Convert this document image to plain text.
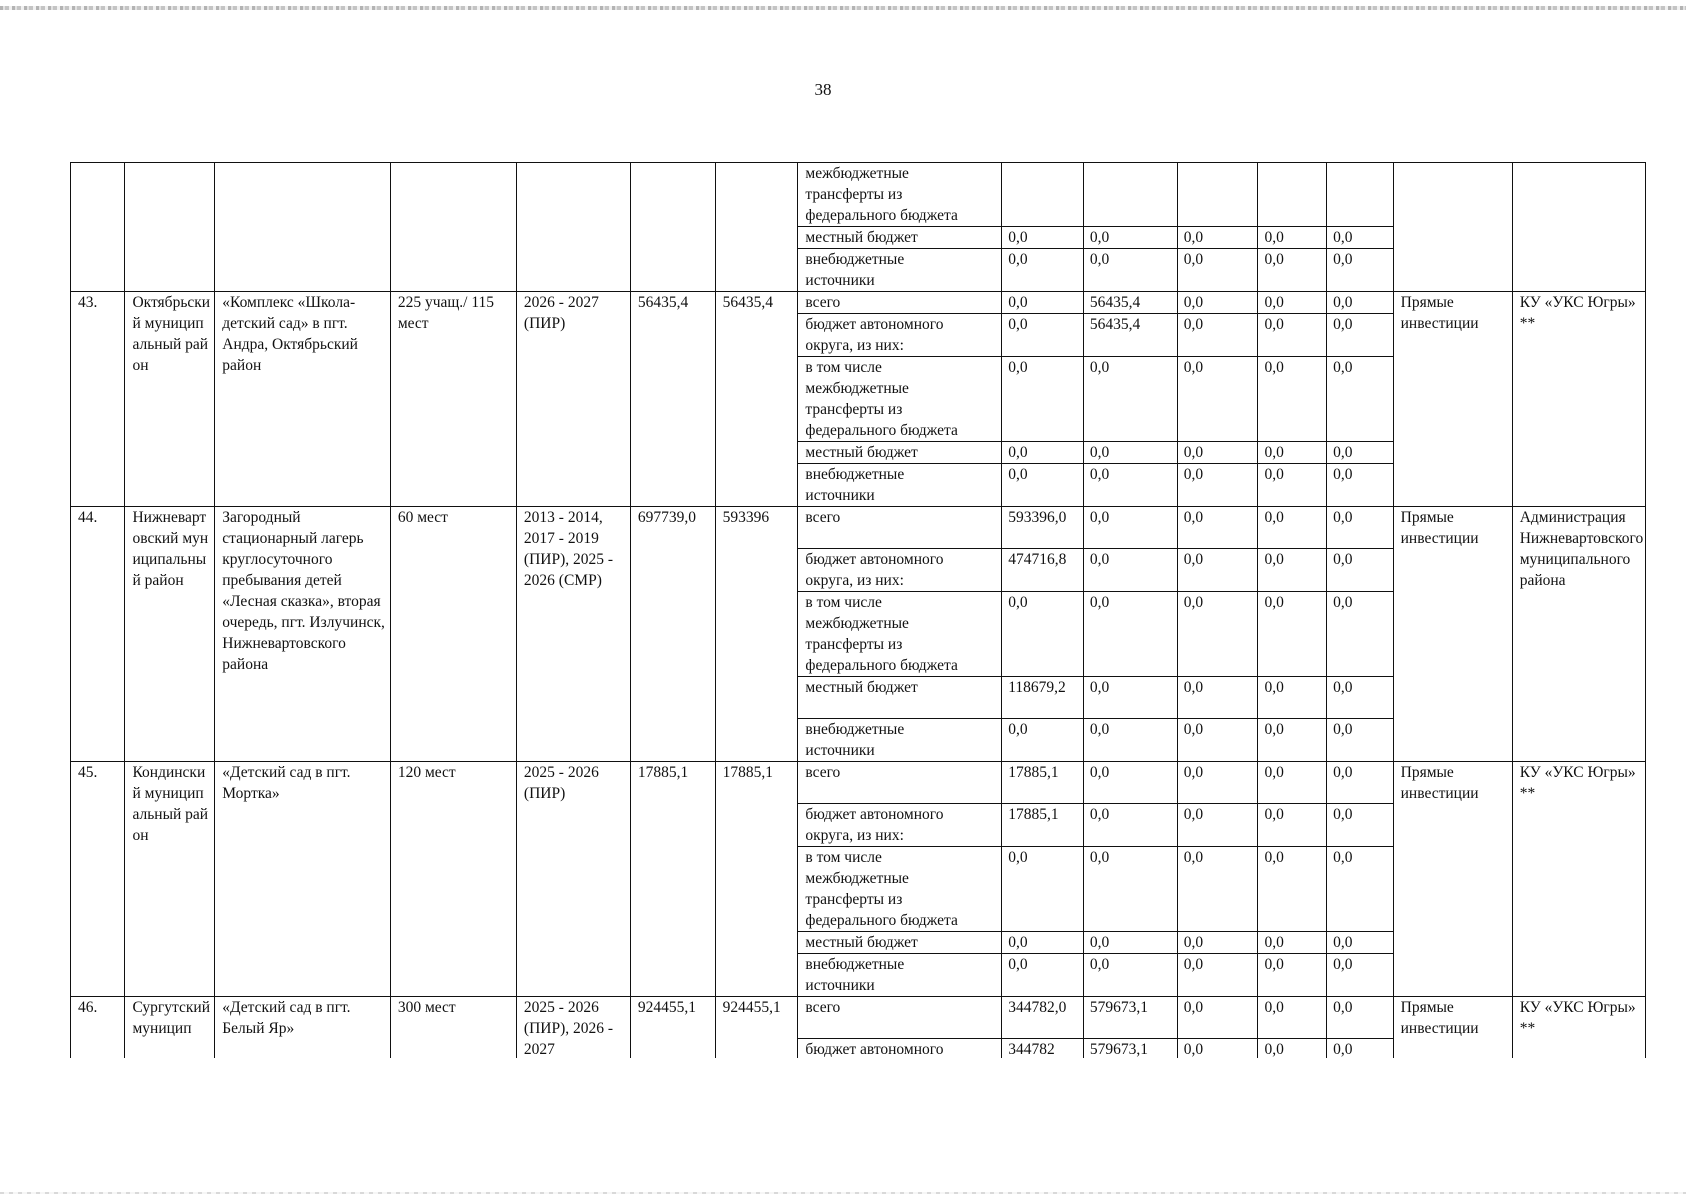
38
							межбюджетные
трансферты из
федерального бюджета							
							местный бюджет	0,0	0,0	0,0	0,0	0,0		
							внебюджетные
источники	0,0	0,0	0,0	0,0	0,0		
43.	Октябрьский муниципальный район	«Комплекс «Школа-детский сад» в пгт. Андра, Октябрьский район	225 учащ./ 115 мест	2026 - 2027 (ПИР)	56435,4	56435,4	всего	0,0	56435,4	0,0	0,0	0,0	Прямые инвестиции	КУ «УКС Югры» **
							бюджет автономного
округа, из них:	0,0	56435,4	0,0	0,0	0,0		
							в том числе
межбюджетные
трансферты из
федерального бюджета	0,0	0,0	0,0	0,0	0,0		
							местный бюджет	0,0	0,0	0,0	0,0	0,0		
							внебюджетные
источники	0,0	0,0	0,0	0,0	0,0		
44.	Нижневартовский муниципальный район	Загородный стационарный лагерь круглосуточного пребывания детей «Лесная сказка», вторая очередь, пгт. Излучинск, Нижневартовского района	60 мест	2013 - 2014, 2017 - 2019 (ПИР), 2025 - 2026 (СМР)	697739,0	593396	всего	593396,0	0,0	0,0	0,0	0,0	Прямые инвестиции	Администрация Нижневартовского муниципального района
							бюджет автономного
округа, из них:	474716,8	0,0	0,0	0,0	0,0		
							в том числе
межбюджетные
трансферты из
федерального бюджета	0,0	0,0	0,0	0,0	0,0		
							местный бюджет	118679,2	0,0	0,0	0,0	0,0		
							внебюджетные
источники	0,0	0,0	0,0	0,0	0,0		
45.	Кондинский муниципальный район	«Детский сад в пгт. Мортка»	120 мест	2025 - 2026 (ПИР)	17885,1	17885,1	всего	17885,1	0,0	0,0	0,0	0,0	Прямые инвестиции	КУ «УКС Югры» **
							бюджет автономного
округа, из них:	17885,1	0,0	0,0	0,0	0,0		
							в том числе
межбюджетные
трансферты из
федерального бюджета	0,0	0,0	0,0	0,0	0,0		
							местный бюджет	0,0	0,0	0,0	0,0	0,0		
							внебюджетные
источники	0,0	0,0	0,0	0,0	0,0		
46.	Сургутский муницип	«Детский сад в пгт. Белый Яр»	300 мест	2025 - 2026 (ПИР), 2026 - 2027	924455,1	924455,1	всего	344782,0	579673,1	0,0	0,0	0,0	Прямые инвестиции	КУ «УКС Югры» **
							бюджет автономного	344782	579673,1	0,0	0,0	0,0		
